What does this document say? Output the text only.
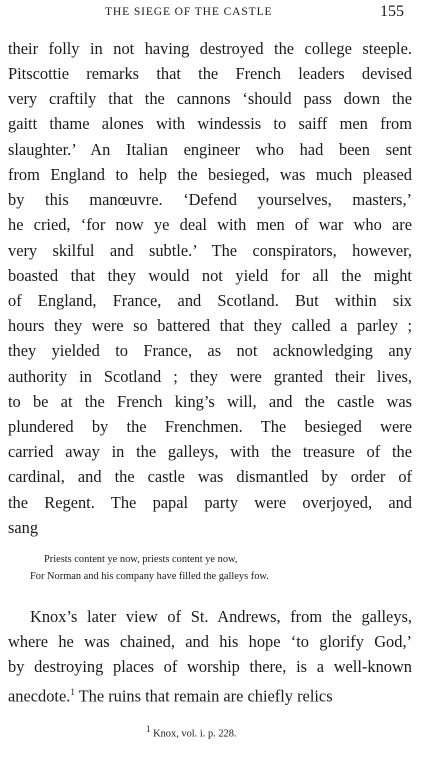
THE SIEGE OF THE CASTLE	155
their folly in not having destroyed the college steeple.
Pitscottie remarks that the French leaders devised
very craftily that the cannons ‘should pass down the
gaitt thame alones with windessis to saiff men from
slaughter.’ An Italian engineer who had been sent
from England to help the besieged, was much pleased
by this manœuvre. ‘Defend yourselves, masters,’
he cried, ‘for now ye deal with men of war who are
very skilful and subtle.’ The conspirators, however,
boasted that they would not yield for all the might
of England, France, and Scotland. But within six
hours they were so battered that they called a parley ;
they yielded to France, as not acknowledging any
authority in Scotland ; they were granted their lives,
to be at the French king’s will, and the castle was
plundered by the Frenchmen. The besieged were
carried away in the galleys, with the treasure of the
cardinal, and the castle was dismantled by order of
the Regent. The papal party were overjoyed, and
sang
Priests content ye now, priests content ye now,
For Norman and his company have filled the galleys fow.
Knox’s later view of St. Andrews, from the galleys,
where he was chained, and his hope ‘to glorify God,’
by destroying places of worship there, is a well-known
anecdote.$^1$ The ruins that remain are chiefly relics
$^1$ Knox, vol. i. p. 228.
